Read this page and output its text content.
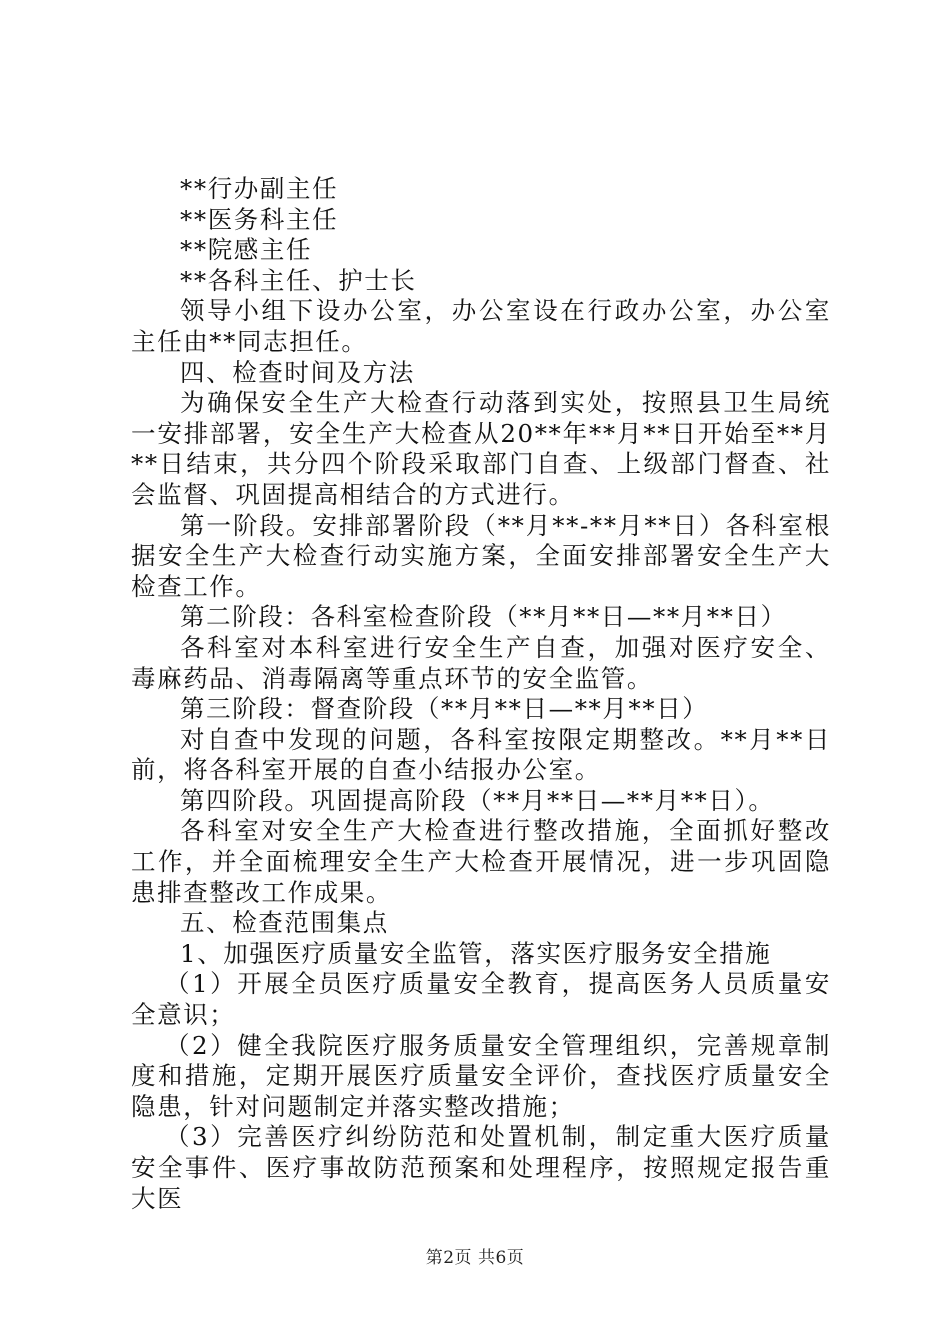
**行办副主任

**医务科主任

**院感主任

**各科主任、护士长

领导小组下设办公室，办公室设在行政办公室，办公室主任由**同志担任。

四、检查时间及方法

为确保安全生产大检查行动落到实处，按照县卫生局统一安排部署，安全生产大检查从20**年**月**日开始至**月**日结束，共分四个阶段采取部门自查、上级部门督查、社会监督、巩固提高相结合的方式进行。

第一阶段。安排部署阶段（**月**-**月**日）各科室根据安全生产大检查行动实施方案，全面安排部署安全生产大检查工作。

第二阶段：各科室检查阶段（**月**日—**月**日）

各科室对本科室进行安全生产自查，加强对医疗安全、毒麻药品、消毒隔离等重点环节的安全监管。

第三阶段：督查阶段（**月**日—**月**日）

对自查中发现的问题，各科室按限定期整改。**月**日前，将各科室开展的自查小结报办公室。

第四阶段。巩固提高阶段（**月**日—**月**日）。

各科室对安全生产大检查进行整改措施，全面抓好整改工作，并全面梳理安全生产大检查开展情况，进一步巩固隐患排查整改工作成果。

五、检查范围集点

1、加强医疗质量安全监管，落实医疗服务安全措施

（1）开展全员医疗质量安全教育，提高医务人员质量安全意识；

（2）健全我院医疗服务质量安全管理组织，完善规章制度和措施，定期开展医疗质量安全评价，查找医疗质量安全隐患，针对问题制定并落实整改措施；

（3）完善医疗纠纷防范和处置机制，制定重大医疗质量安全事件、医疗事故防范预案和处理程序，按照规定报告重大医

第2页 共6页
